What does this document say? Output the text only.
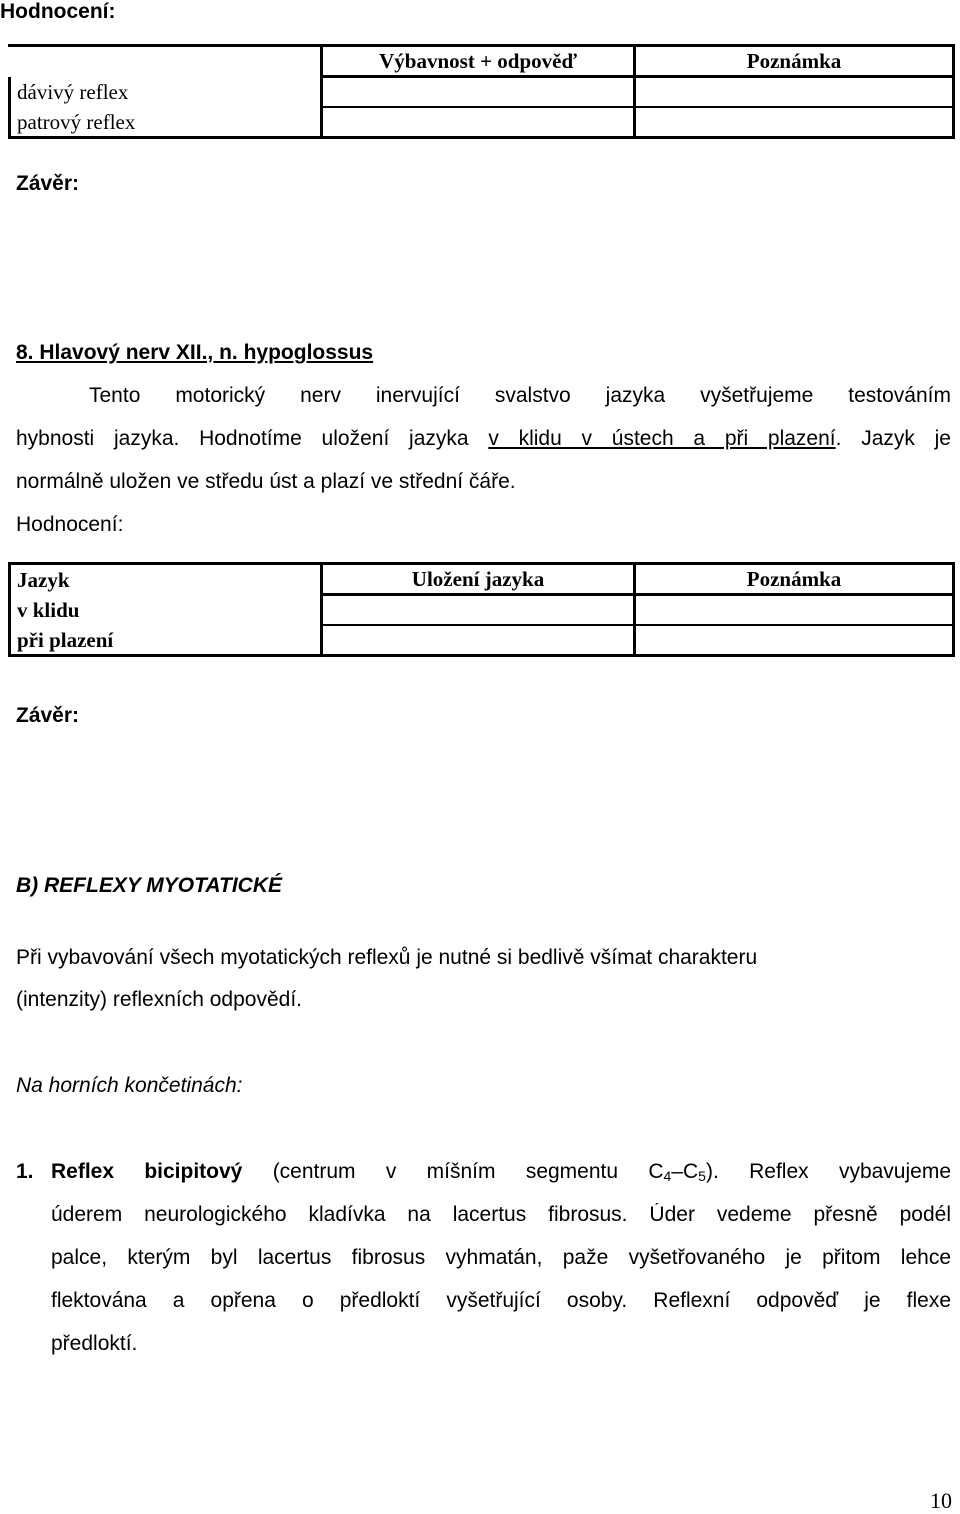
Hodnocení:
	Výbavnost + odpověď	Poznámka
dávivý reflex		
patrový reflex		
Závěr:
8. Hlavový nerv XII., n. hypoglossus
Tento motorický nerv inervující svalstvo jazyka vyšetřujeme testováním
hybnosti jazyka. Hodnotíme uložení jazyka v klidu v ústech a při plazení. Jazyk je
normálně uložen ve středu úst a plazí ve střední čáře.
Hodnocení:
Jazyk	Uložení jazyka	Poznámka
v klidu		
při plazení		
Závěr:
B) REFLEXY MYOTATICKÉ
Při vybavování všech myotatických reflexů je nutné si bedlivě všímat charakteru
(intenzity) reflexních odpovědí.
Na horních končetinách:
1. Reflex bicipitový (centrum v míšním segmentu $C_4-C_5$). Reflex vybavujeme
úderem neurologického kladívka na lacertus fibrosus. Úder vedeme přesně podél
palce, kterým byl lacertus fibrosus vyhmatán, paže vyšetřovaného je přitom lehce
flektována a opřena o předloktí vyšetřující osoby. Reflexní odpověď je flexe
předloktí.
10
